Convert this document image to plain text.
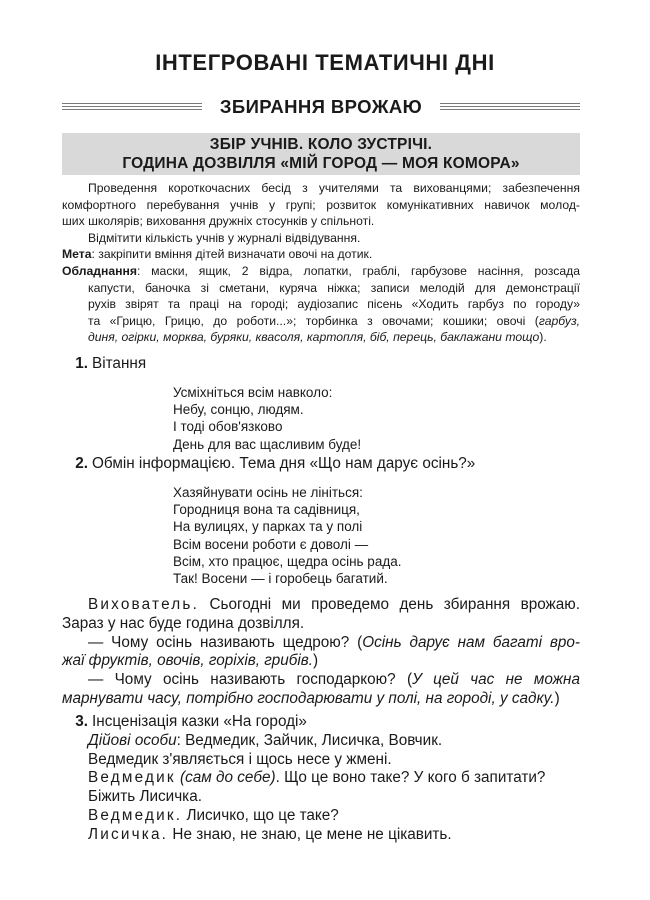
ІНТЕГРОВАНІ ТЕМАТИЧНІ ДНІ
ЗБИРАННЯ ВРОЖАЮ
ЗБІР УЧНІВ. КОЛО ЗУСТРІЧІ.
ГОДИНА ДОЗВІЛЛЯ «МІЙ ГОРОД — МОЯ КОМОРА»

Проведення короткочасних бесід з учителями та вихованцями; забезпечення

комфортного перебування учнів у групі; розвиток комунікативних навичок молод-

ших школярів; виховання дружніх стосунків у спільноті.

Відмітити кількість учнів у журналі відвідування.

Мета: закріпити вміння дітей визначати овочі на дотик.

Обладнання: маски, ящик, 2 відра, лопатки, граблі, гарбузове насіння, розсада

капусти, баночка зі сметани, куряча ніжка; записи мелодій для демонстрації

рухів звірят та праці на городі; аудіозапис пісень «Ходить гарбуз по городу»

та «Грицю, Грицю, до роботи...»; торбинка з овочами; кошики; овочі (гарбуз,

диня, огірки, морква, буряки, квасоля, картопля, біб, перець, баклажани тощо).

1. Вітання

Усміхніться всім навколо:
Небу, сонцю, людям.
І тоді обов'язково
День для вас щасливим буде!

2. Обмін інформацією. Тема дня «Що нам дарує осінь?»

Хазяйнувати осінь не лініться:
Городниця вона та садівниця,
На вулицях, у парках та у полі
Всім восени роботи є доволі —
Всім, хто працює, щедра осінь рада.
Так! Восени — і горобець багатий.

Вихователь. Сьогодні ми проведемо день збирання врожаю.

Зараз у нас буде година дозвілля.

— Чому осінь називають щедрою? (Осінь дарує нам багаті вро-

жаї фруктів, овочів, горіхів, грибів.)

— Чому осінь називають господаркою? (У цей час не можна

марнувати часу, потрібно господарювати у полі, на городі, у садку.)

3. Інсценізація казки «На городі»

Дійові особи: Ведмедик, Зайчик, Лисичка, Вовчик.

Ведмедик з'являється і щось несе у жмені.

Ведмедик (сам до себе). Що це воно таке? У кого б запитати?

Біжить Лисичка.

Ведмедик. Лисичко, що це таке?

Лисичка. Не знаю, не знаю, це мене не цікавить.
